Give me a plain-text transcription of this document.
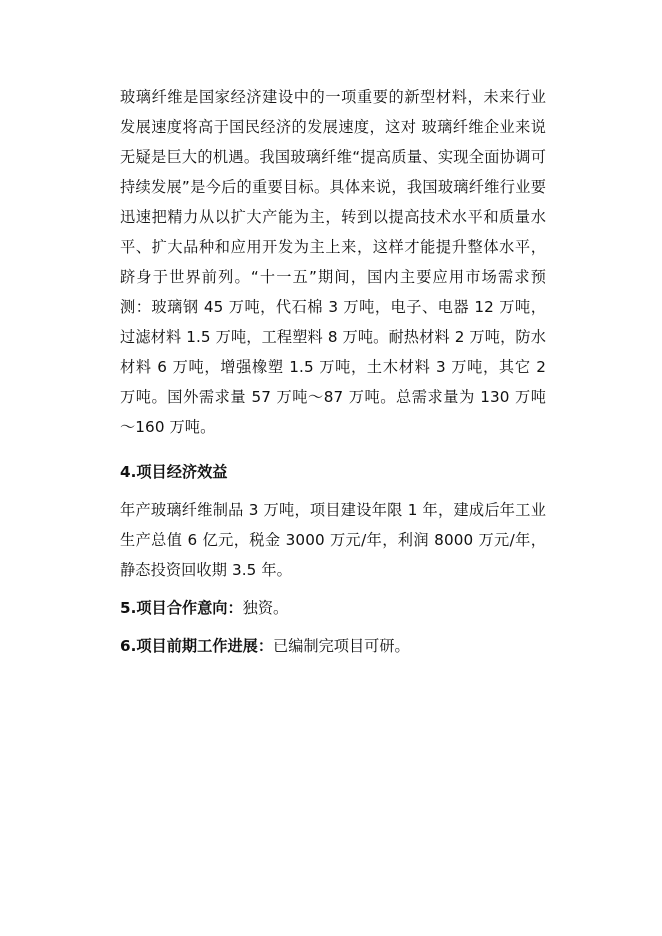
玻璃纤维是国家经济建设中的一项重要的新型材料，未来行业发展速度将高于国民经济的发展速度，这对 玻璃纤维企业来说无疑是巨大的机遇。我国玻璃纤维“提高质量、实现全面协调可持续发展”是今后的重要目标。具体来说，我国玻璃纤维行业要迅速把精力从以扩大产能为主，转到以提高技术水平和质量水平、扩大品种和应用开发为主上来，这样才能提升整体水平，跻身于世界前列。“十一五”期间，国内主要应用市场需求预测：玻璃钢 45 万吨，代石棉 3 万吨，电子、电器 12 万吨，过滤材料 1.5 万吨，工程塑料 8 万吨。耐热材料 2 万吨，防水材料 6 万吨，增强橡塑 1.5 万吨，土木材料 3 万吨，其它 2 万吨。国外需求量 57 万吨～87 万吨。总需求量为 130 万吨～160 万吨。

4.项目经济效益

年产玻璃纤维制品 3 万吨，项目建设年限 1 年，建成后年工业生产总值 6 亿元，税金 3000 万元/年，利润 8000 万元/年，静态投资回收期 3.5 年。

5.项目合作意向：独资。

6.项目前期工作进展：已编制完项目可研。
